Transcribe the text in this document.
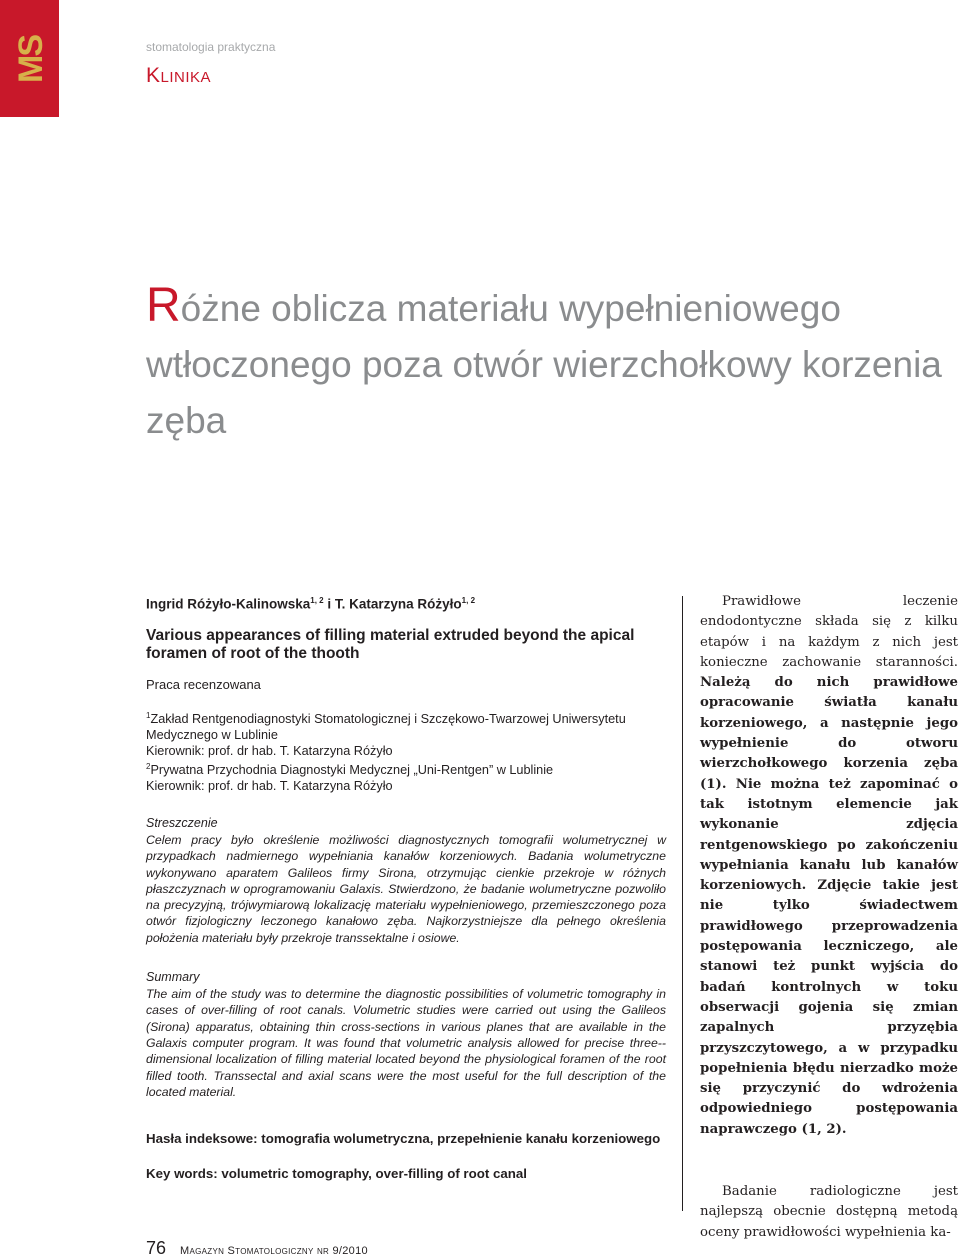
MS	stomatologia praktyczna
Klinika
Różne oblicza materiału wypełnieniowego wtłoczonego poza otwór wierzchołkowy korzenia zęba

Ingrid Różyło-Kalinowska$^{1, 2}$ i T. Katarzyna Różyło$^{1, 2}$

Various appearances of filling material extruded beyond the apical foramen of root of the thooth

Praca recenzowana

$^1$Zakład Rentgenodiagnostyki Stomatologicznej i Szczękowo-Twarzowej Uniwersytetu Medycznego w Lublinie

Kierownik: prof. dr hab. T. Katarzyna Różyło

$^2$Prywatna Przychodnia Diagnostyki Medycznej „Uni-Rentgen” w Lublinie

Kierownik: prof. dr hab. T. Katarzyna Różyło

Streszczenie

Celem pracy było określenie możliwości diagnostycznych tomografii wolumetrycznej w przypadkach nadmiernego wypełniania kanałów korzeniowych. Badania wolumetryczne wykonywano aparatem Galileos firmy Sirona, otrzymując cienkie przekroje w różnych płaszczyznach w oprogramowaniu Galaxis. Stwierdzono, że badanie wolumetryczne pozwoliło na precyzyjną, trójwymiarową lokalizację materiału wypełnieniowego, przemieszczonego poza otwór fizjologiczny leczonego kanałowo zęba. Najkorzystniejsze dla pełnego określenia położenia materiału były przekroje transsektalne i osiowe.

Summary

The aim of the study was to determine the diagnostic possibilities of volumetric tomography in cases of over-filling of root canals. Volumetric studies were carried out using the Galileos (Sirona) apparatus, obtaining thin cross-sections in various planes that are available in the Galaxis computer program. It was found that volumetric analysis allowed for precise three--dimensional localization of filling material located beyond the physiological foramen of the root filled tooth. Transsectal and axial scans were the most useful for the full description of the located material.

Hasła indeksowe: tomografia wolumetryczna, przepełnienie kanału korzeniowego

Key words: volumetric tomography, over-filling of root canal

Prawidłowe leczenie endodontyczne składa się z kilku etapów i na każdym z nich jest konieczne zachowanie staranności. Należą do nich prawidłowe opracowanie światła kanału korzeniowego, a następnie jego wypełnienie do otworu wierzchołkowego korzenia zęba (1). Nie można też zapominać o tak istotnym elemencie jak wykonanie zdjęcia rentgenowskiego po zakończeniu wypełniania kanału lub kanałów korzeniowych. Zdjęcie takie jest nie tylko świadectwem prawidłowego przeprowadzenia postępowania leczniczego, ale stanowi też punkt wyjścia do badań kontrolnych w toku obserwacji gojenia się zmian zapalnych przyzębia przyszczytowego, a w przypadku popełnienia błędu nierzadko może się przyczynić do wdrożenia odpowiedniego postępowania naprawczego (1, 2).

Badanie radiologiczne jest najlepszą obecnie dostępną metodą oceny prawidłowości wypełnienia ka-

76 Magazyn Stomatologiczny nr 9/2010
